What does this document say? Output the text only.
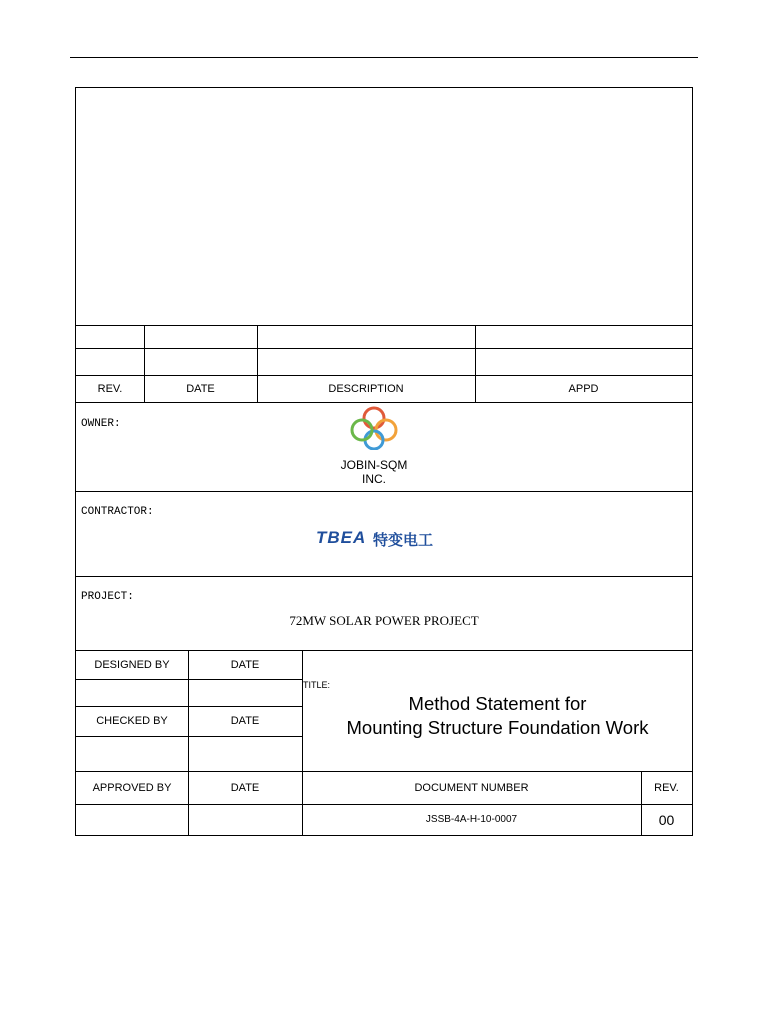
REV.	DATE	DESCRIPTION	APPD
OWNER:
JOBIN-SQM
INC.
CONTRACTOR:
TBEA 特变电工
PROJECT:
72MW SOLAR POWER PROJECT
DESIGNED BY	DATE
CHECKED BY	DATE
APPROVED BY	DATE
TITLE:
Method Statement for
Mounting Structure Foundation Work
DOCUMENT NUMBER	REV.
JSSB-4A-H-10-0007	00
